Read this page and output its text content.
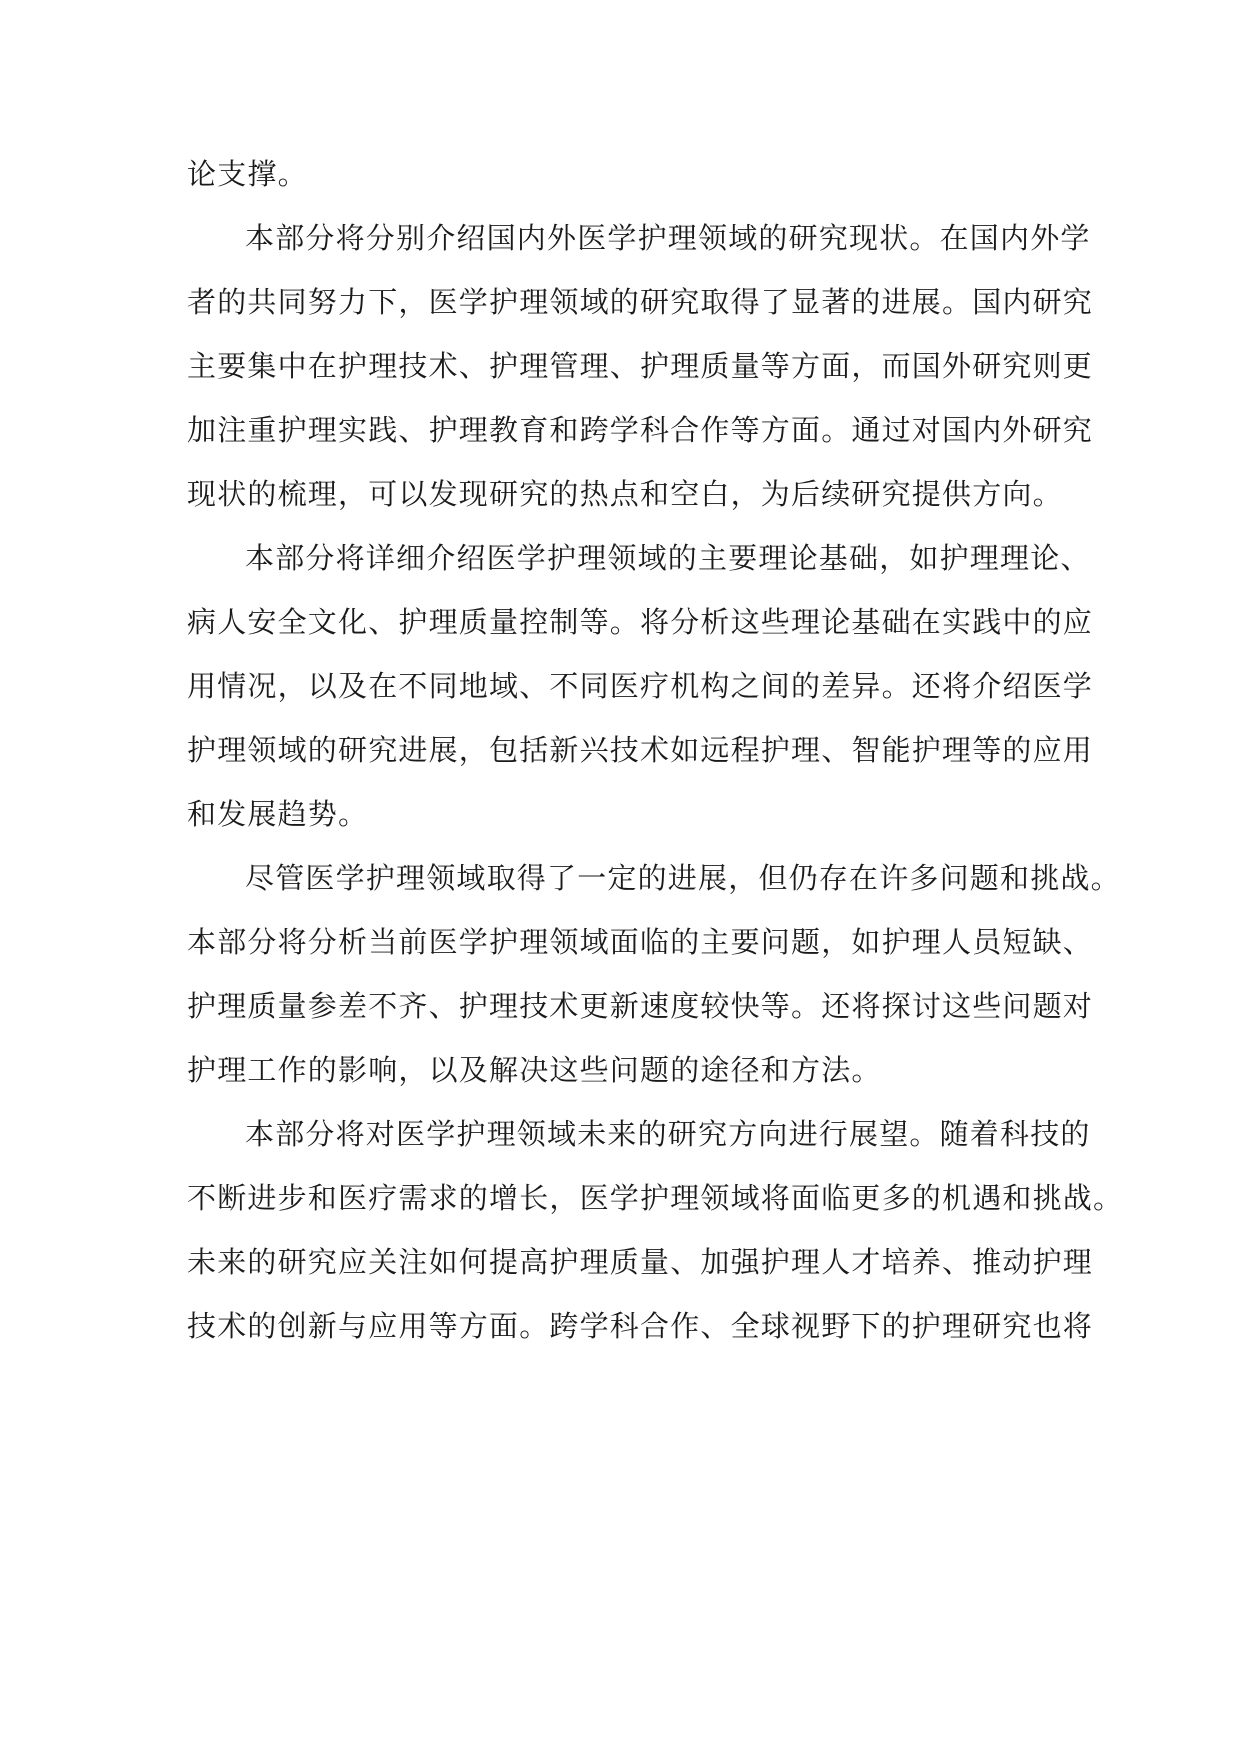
论支撑。

本部分将分别介绍国内外医学护理领域的研究现状。在国内外学
者的共同努力下，医学护理领域的研究取得了显著的进展。国内研究
主要集中在护理技术、护理管理、护理质量等方面，而国外研究则更
加注重护理实践、护理教育和跨学科合作等方面。通过对国内外研究
现状的梳理，可以发现研究的热点和空白，为后续研究提供方向。

本部分将详细介绍医学护理领域的主要理论基础，如护理理论、
病人安全文化、护理质量控制等。将分析这些理论基础在实践中的应
用情况，以及在不同地域、不同医疗机构之间的差异。还将介绍医学
护理领域的研究进展，包括新兴技术如远程护理、智能护理等的应用
和发展趋势。

尽管医学护理领域取得了一定的进展，但仍存在许多问题和挑战。
本部分将分析当前医学护理领域面临的主要问题，如护理人员短缺、
护理质量参差不齐、护理技术更新速度较快等。还将探讨这些问题对
护理工作的影响，以及解决这些问题的途径和方法。

本部分将对医学护理领域未来的研究方向进行展望。随着科技的
不断进步和医疗需求的增长，医学护理领域将面临更多的机遇和挑战。
未来的研究应关注如何提高护理质量、加强护理人才培养、推动护理
技术的创新与应用等方面。跨学科合作、全球视野下的护理研究也将
